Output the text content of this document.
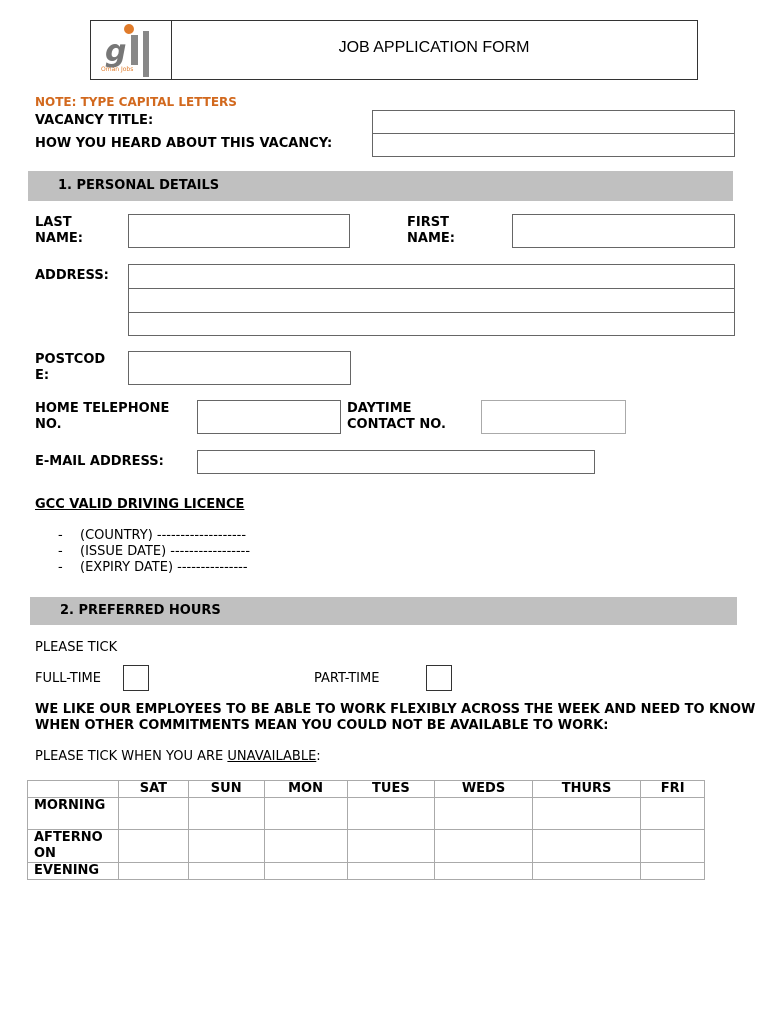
g
Oman Jobs
JOB APPLICATION FORM
NOTE: TYPE CAPITAL LETTERS
VACANCY TITLE:
HOW YOU HEARD ABOUT THIS VACANCY:
1. PERSONAL DETAILS
LAST NAME:
FIRST NAME:
ADDRESS:
POSTCODE:
HOME TELEPHONE NO.
DAYTIME CONTACT NO.
E-MAIL ADDRESS:
GCC VALID DRIVING LICENCE
- (COUNTRY) -------------------
- (ISSUE DATE) -----------------
- (EXPIRY DATE) ---------------
2. PREFERRED HOURS
PLEASE TICK
FULL-TIME	PART-TIME
WE LIKE OUR EMPLOYEES TO BE ABLE TO WORK FLEXIBLY ACROSS THE WEEK AND NEED TO KNOW WHEN OTHER COMMITMENTS MEAN YOU COULD NOT BE AVAILABLE TO WORK:
PLEASE TICK WHEN YOU ARE UNAVAILABLE:
	SAT	SUN	MON	TUES	WEDS	THURS	FRI
MORNING							
AFTERNOON							
EVENING							
